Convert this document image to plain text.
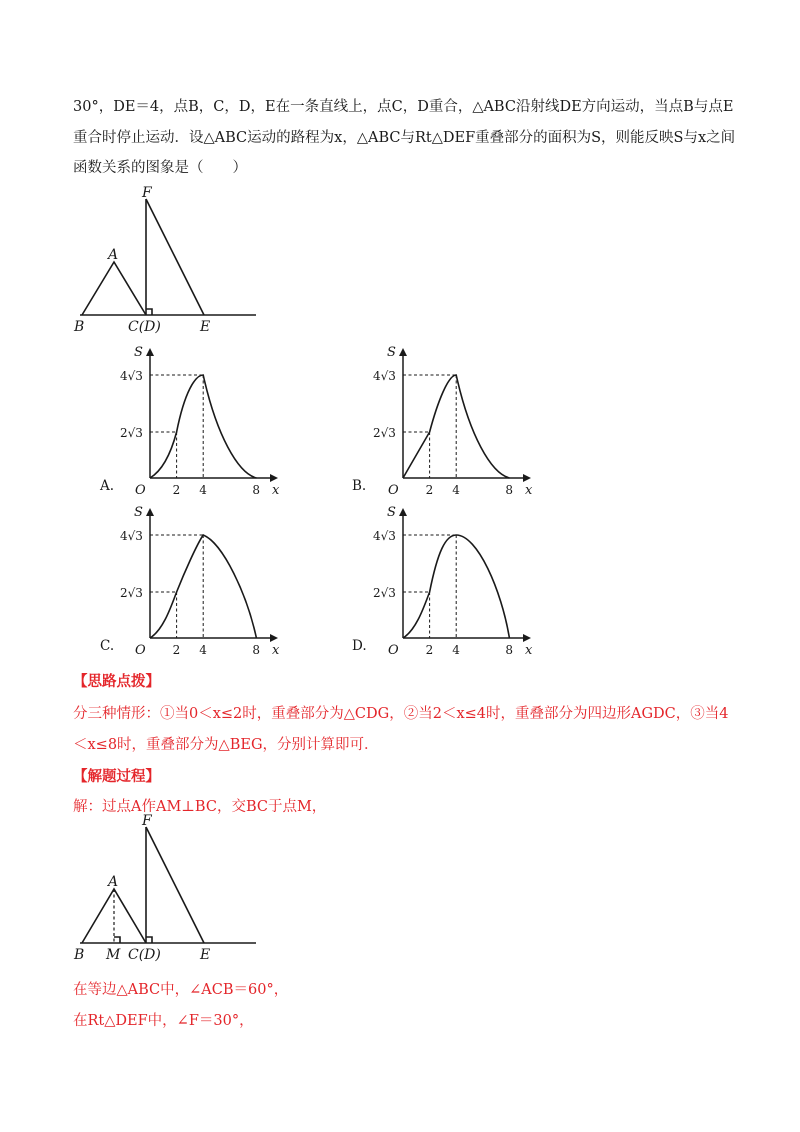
30°，DE＝4，点B，C，D，E在一条直线上，点C，D重合，△ABC沿射线DE方向运动，当点B与点E
重合时停止运动．设△ABC运动的路程为x，△ABC与Rt△DEF重叠部分的面积为S，则能反映S与x之间
函数关系的图象是（　　）
F
A
B	C(D)	E
S
x
O
4√3
2√3
2 4	8
S
x
O
4√3
2√3
2 4	8
S
x
O
4√3
2√3
2 4	8
S
x
O
4√3
2√3
2 4	8
A.	B.
C.	D.
【思路点拨】
分三种情形：①当0＜x≤2时，重叠部分为△CDG，②当2＜x≤4时，重叠部分为四边形AGDC，③当4
＜x≤8时，重叠部分为△BEG，分别计算即可．
【解题过程】
解：过点A作AM⊥BC，交BC于点M，
F
A
B M C(D)	E
在等边△ABC中，∠ACB＝60°，
在Rt△DEF中，∠F＝30°，
